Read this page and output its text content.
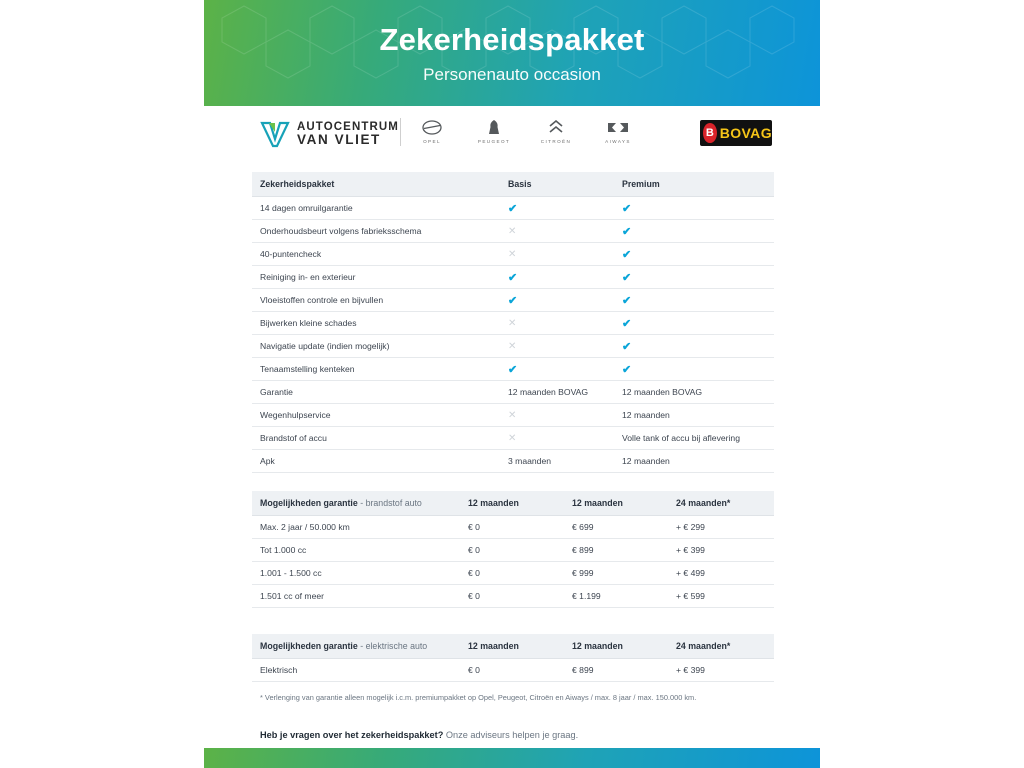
Zekerheidspakket
Personenauto occasion
AUTOCENTRUM
VAN VLIET	OPEL	PEUGEOT	CITROËN	AIWAYS
B BOVAG
Zekerheidspakket	Basis	Premium
14 dagen omruilgarantie	✔	✔
Onderhoudsbeurt volgens fabrieksschema	✕	✔
40-puntencheck	✕	✔
Reiniging in- en exterieur	✔	✔
Vloeistoffen controle en bijvullen	✔	✔
Bijwerken kleine schades	✕	✔
Navigatie update (indien mogelijk)	✕	✔
Tenaamstelling kenteken	✔	✔
Garantie	12 maanden BOVAG	12 maanden BOVAG
Wegenhulpservice	✕	12 maanden
Brandstof of accu	✕	Volle tank of accu bij aflevering
Apk	3 maanden	12 maanden
Mogelijkheden garantie - brandstof auto	12 maanden	12 maanden	24 maanden*
Max. 2 jaar / 50.000 km	€ 0	€ 699	+ € 299
Tot 1.000 cc	€ 0	€ 899	+ € 399
1.001 - 1.500 cc	€ 0	€ 999	+ € 499
1.501 cc of meer	€ 0	€ 1.199	+ € 599
Mogelijkheden garantie - elektrische auto	12 maanden	12 maanden	24 maanden*
Elektrisch	€ 0	€ 899	+ € 399
* Verlenging van garantie alleen mogelijk i.c.m. premiumpakket op Opel, Peugeot, Citroën en Aiways / max. 8 jaar / max. 150.000 km.
Heb je vragen over het zekerheidspakket? Onze adviseurs helpen je graag.
